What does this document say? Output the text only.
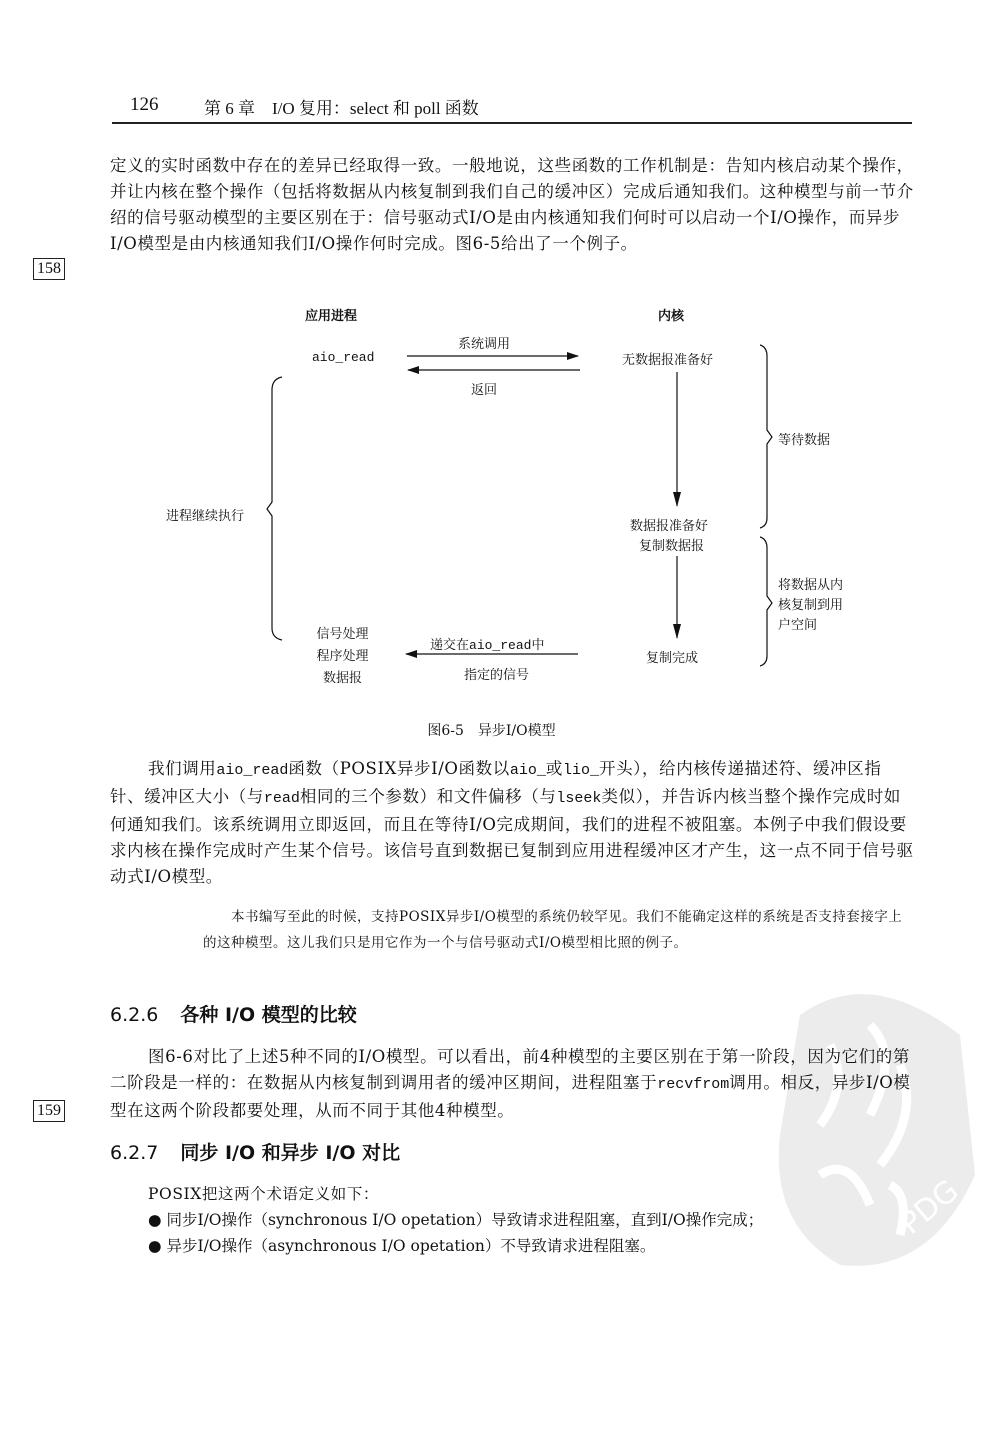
PDG
126	第 6 章　I/O 复用：select 和 poll 函数
定义的实时函数中存在的差异已经取得一致。一般地说，这些函数的工作机制是：告知内核启动某个操作，并让内核在整个操作（包括将数据从内核复制到我们自己的缓冲区）完成后通知我们。这种模型与前一节介绍的信号驱动模型的主要区别在于：信号驱动式I/O是由内核通知我们何时可以启动一个I/O操作，而异步I/O模型是由内核通知我们I/O操作何时完成。图6-5给出了一个例子。
158
应用进程	内核
aio_read
系统调用
返回
无数据报准备好
等待数据
进程继续执行
数据报准备好
复制数据报
将数据从内
核复制到用
户空间
信号处理
程序处理
数据报
递交在aio_read中
指定的信号
复制完成
图6-5　异步I/O模型
我们调用aio_read函数（POSIX异步I/O函数以aio_或lio_开头），给内核传递描述符、缓冲区指针、缓冲区大小（与read相同的三个参数）和文件偏移（与lseek类似），并告诉内核当整个操作完成时如何通知我们。该系统调用立即返回，而且在等待I/O完成期间，我们的进程不被阻塞。本例子中我们假设要求内核在操作完成时产生某个信号。该信号直到数据已复制到应用进程缓冲区才产生，这一点不同于信号驱动式I/O模型。
本书编写至此的时候，支持POSIX异步I/O模型的系统仍较罕见。我们不能确定这样的系统是否支持套接字上的这种模型。这儿我们只是用它作为一个与信号驱动式I/O模型相比照的例子。
6.2.6 各种 I/O 模型的比较
图6-6对比了上述5种不同的I/O模型。可以看出，前4种模型的主要区别在于第一阶段，因为它们的第二阶段是一样的：在数据从内核复制到调用者的缓冲区期间，进程阻塞于recvfrom调用。相反，异步I/O模型在这两个阶段都要处理，从而不同于其他4种模型。
159
6.2.7 同步 I/O 和异步 I/O 对比
POSIX把这两个术语定义如下：
● 同步I/O操作（synchronous I/O opetation）导致请求进程阻塞，直到I/O操作完成；
● 异步I/O操作（asynchronous I/O opetation）不导致请求进程阻塞。
